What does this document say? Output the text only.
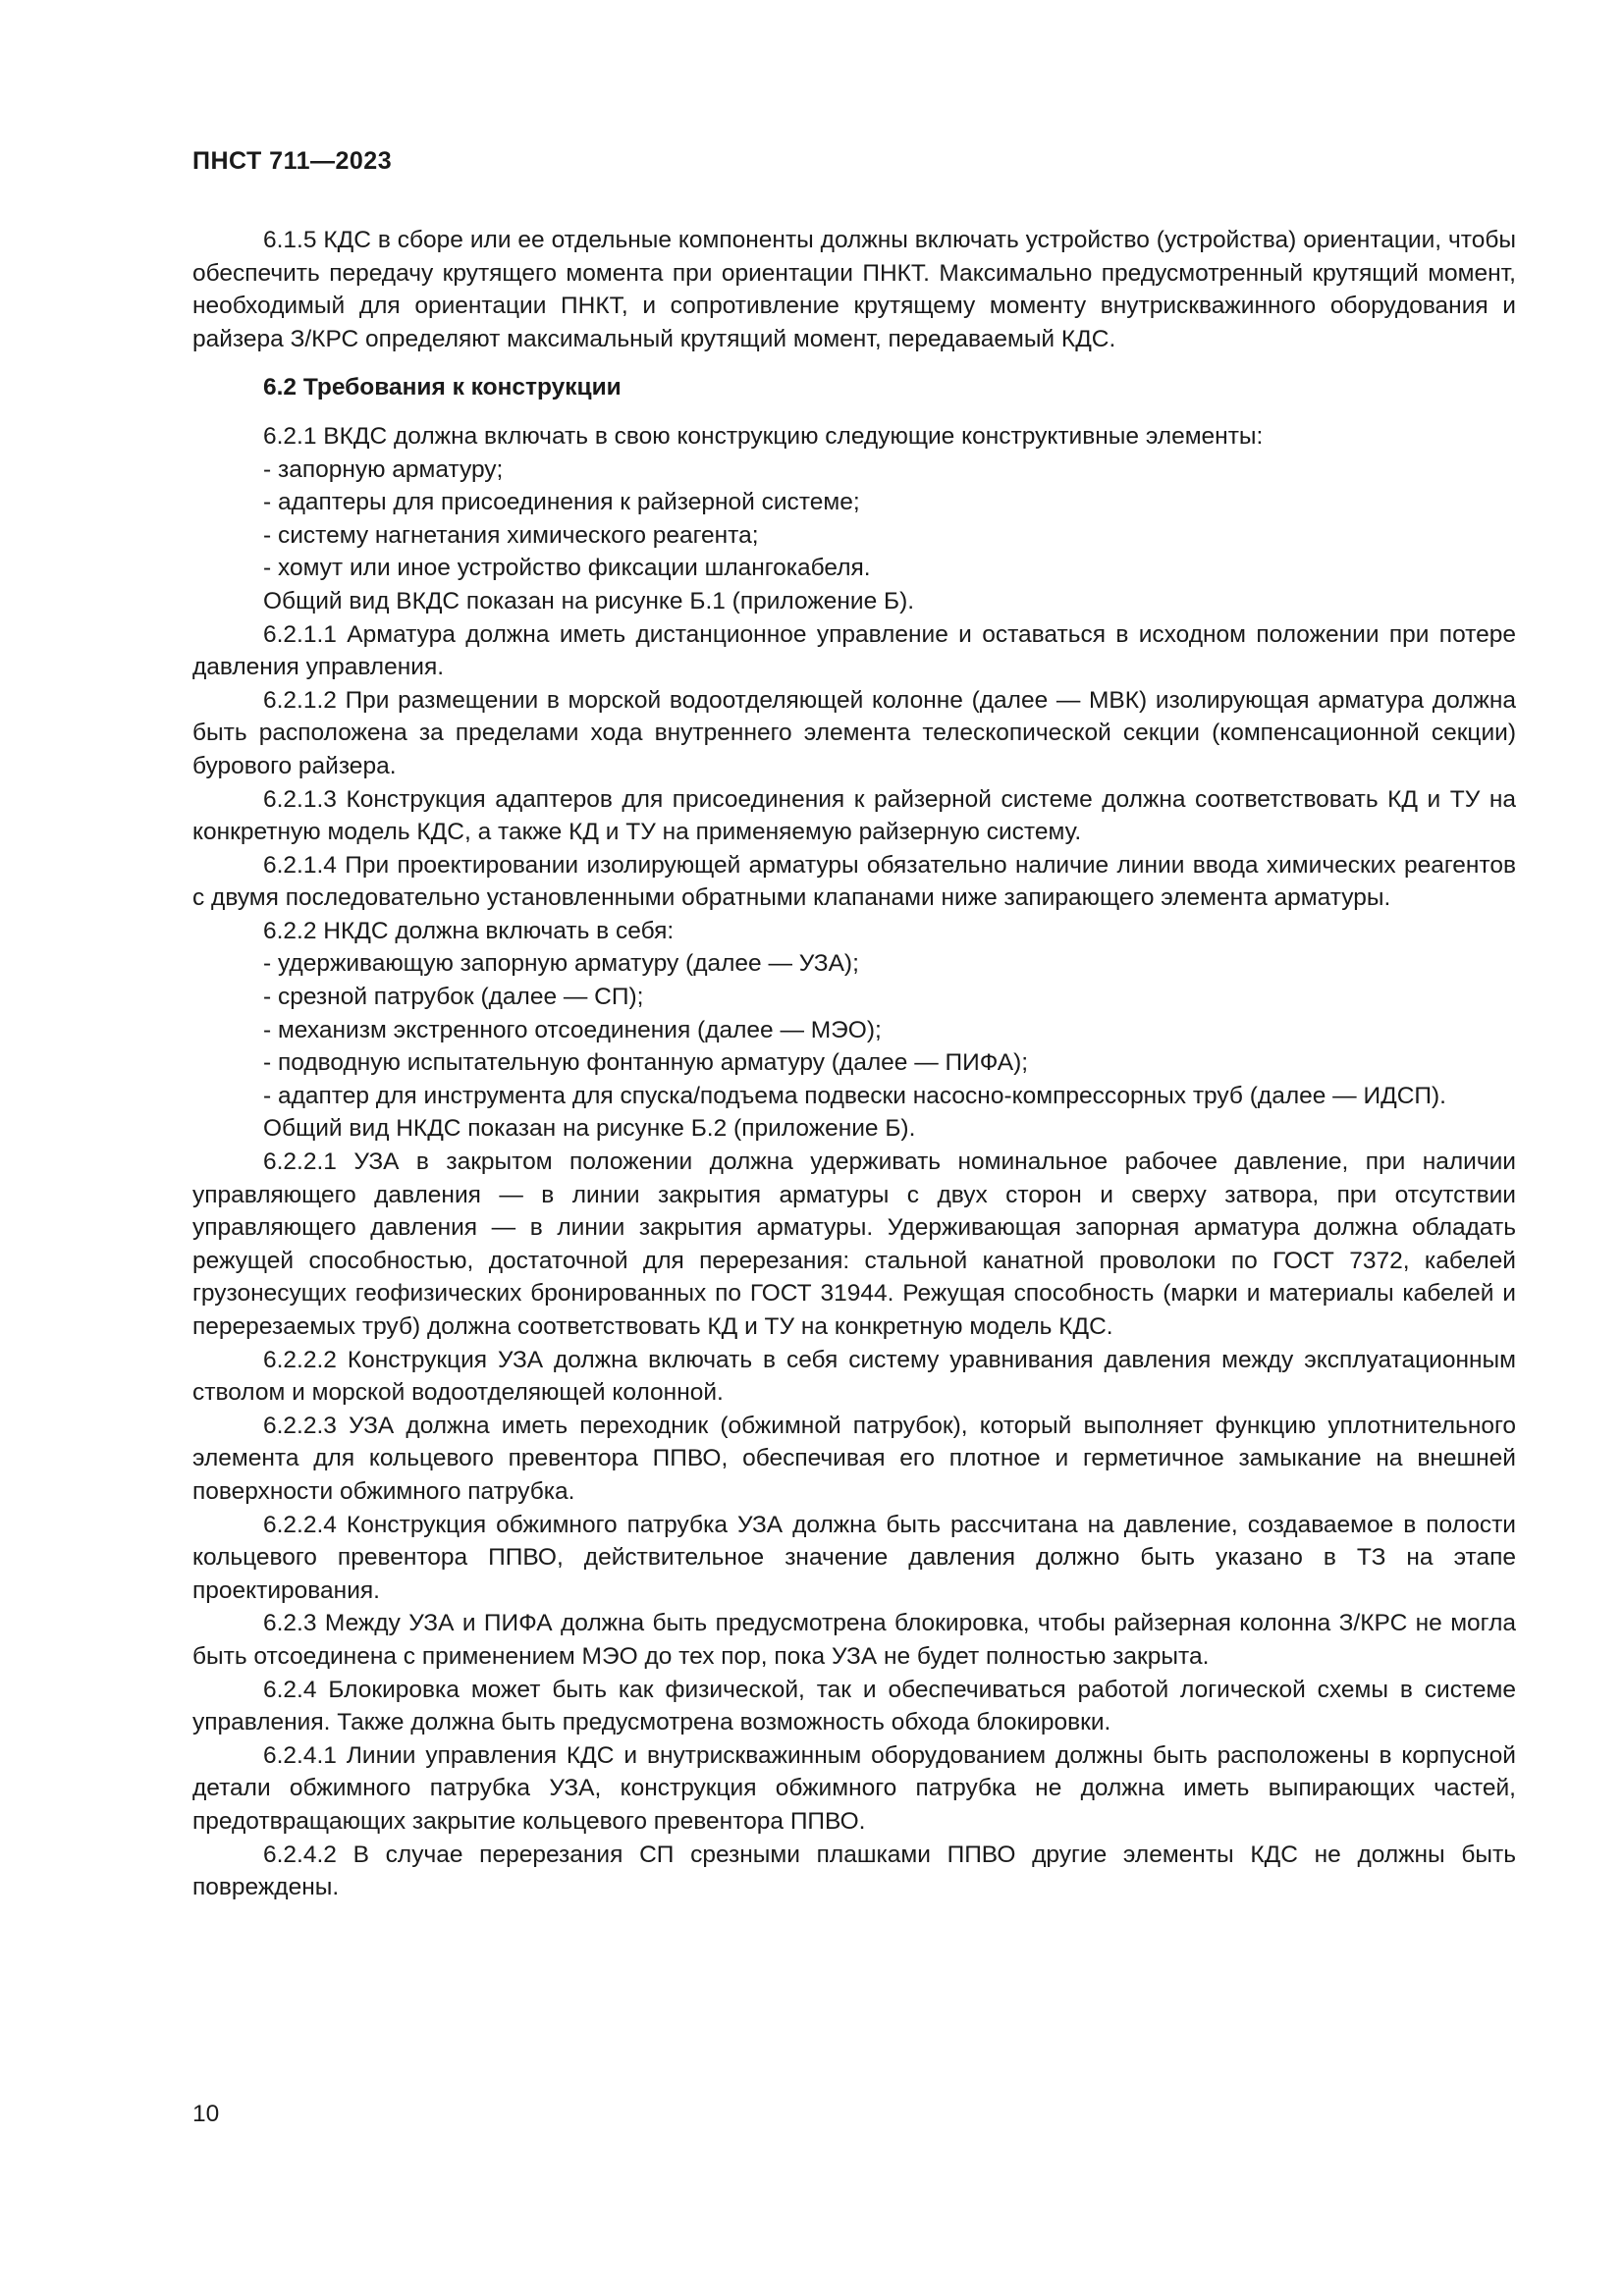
ПНСТ 711—2023

6.1.5 КДС в сборе или ее отдельные компоненты должны включать устройство (устройства) ориентации, чтобы обеспечить передачу крутящего момента при ориентации ПНКТ. Максимально предусмотренный крутящий момент, необходимый для ориентации ПНКТ, и сопротивление крутящему моменту внутрискважинного оборудования и райзера З/КРС определяют максимальный крутящий момент, передаваемый КДС.

6.2 Требования к конструкции

6.2.1 ВКДС должна включать в свою конструкцию следующие конструктивные элементы:

- запорную арматуру;

- адаптеры для присоединения к райзерной системе;

- систему нагнетания химического реагента;

- хомут или иное устройство фиксации шлангокабеля.

Общий вид ВКДС показан на рисунке Б.1 (приложение Б).

6.2.1.1 Арматура должна иметь дистанционное управление и оставаться в исходном положении при потере давления управления.

6.2.1.2 При размещении в морской водоотделяющей колонне (далее — МВК) изолирующая арматура должна быть расположена за пределами хода внутреннего элемента телескопической секции (компенсационной секции) бурового райзера.

6.2.1.3 Конструкция адаптеров для присоединения к райзерной системе должна соответствовать КД и ТУ на конкретную модель КДС, а также КД и ТУ на применяемую райзерную систему.

6.2.1.4 При проектировании изолирующей арматуры обязательно наличие линии ввода химических реагентов с двумя последовательно установленными обратными клапанами ниже запирающего элемента арматуры.

6.2.2 НКДС должна включать в себя:

- удерживающую запорную арматуру (далее — УЗА);

- срезной патрубок (далее — СП);

- механизм экстренного отсоединения (далее — МЭО);

- подводную испытательную фонтанную арматуру (далее — ПИФА);

- адаптер для инструмента для спуска/подъема подвески насосно-компрессорных труб (далее — ИДСП).

Общий вид НКДС показан на рисунке Б.2 (приложение Б).

6.2.2.1 УЗА в закрытом положении должна удерживать номинальное рабочее давление, при наличии управляющего давления — в линии закрытия арматуры с двух сторон и сверху затвора, при отсутствии управляющего давления — в линии закрытия арматуры. Удерживающая запорная арматура должна обладать режущей способностью, достаточной для перерезания: стальной канатной проволоки по ГОСТ 7372, кабелей грузонесущих геофизических бронированных по ГОСТ 31944. Режущая способность (марки и материалы кабелей и перерезаемых труб) должна соответствовать КД и ТУ на конкретную модель КДС.

6.2.2.2 Конструкция УЗА должна включать в себя систему уравнивания давления между эксплуатационным стволом и морской водоотделяющей колонной.

6.2.2.3 УЗА должна иметь переходник (обжимной патрубок), который выполняет функцию уплотнительного элемента для кольцевого превентора ППВО, обеспечивая его плотное и герметичное замыкание на внешней поверхности обжимного патрубка.

6.2.2.4 Конструкция обжимного патрубка УЗА должна быть рассчитана на давление, создаваемое в полости кольцевого превентора ППВО, действительное значение давления должно быть указано в ТЗ на этапе проектирования.

6.2.3 Между УЗА и ПИФА должна быть предусмотрена блокировка, чтобы райзерная колонна З/КРС не могла быть отсоединена с применением МЭО до тех пор, пока УЗА не будет полностью закрыта.

6.2.4 Блокировка может быть как физической, так и обеспечиваться работой логической схемы в системе управления. Также должна быть предусмотрена возможность обхода блокировки.

6.2.4.1 Линии управления КДС и внутрискважинным оборудованием должны быть расположены в корпусной детали обжимного патрубка УЗА, конструкция обжимного патрубка не должна иметь выпирающих частей, предотвращающих закрытие кольцевого превентора ППВО.

6.2.4.2 В случае перерезания СП срезными плашками ППВО другие элементы КДС не должны быть повреждены.

10
